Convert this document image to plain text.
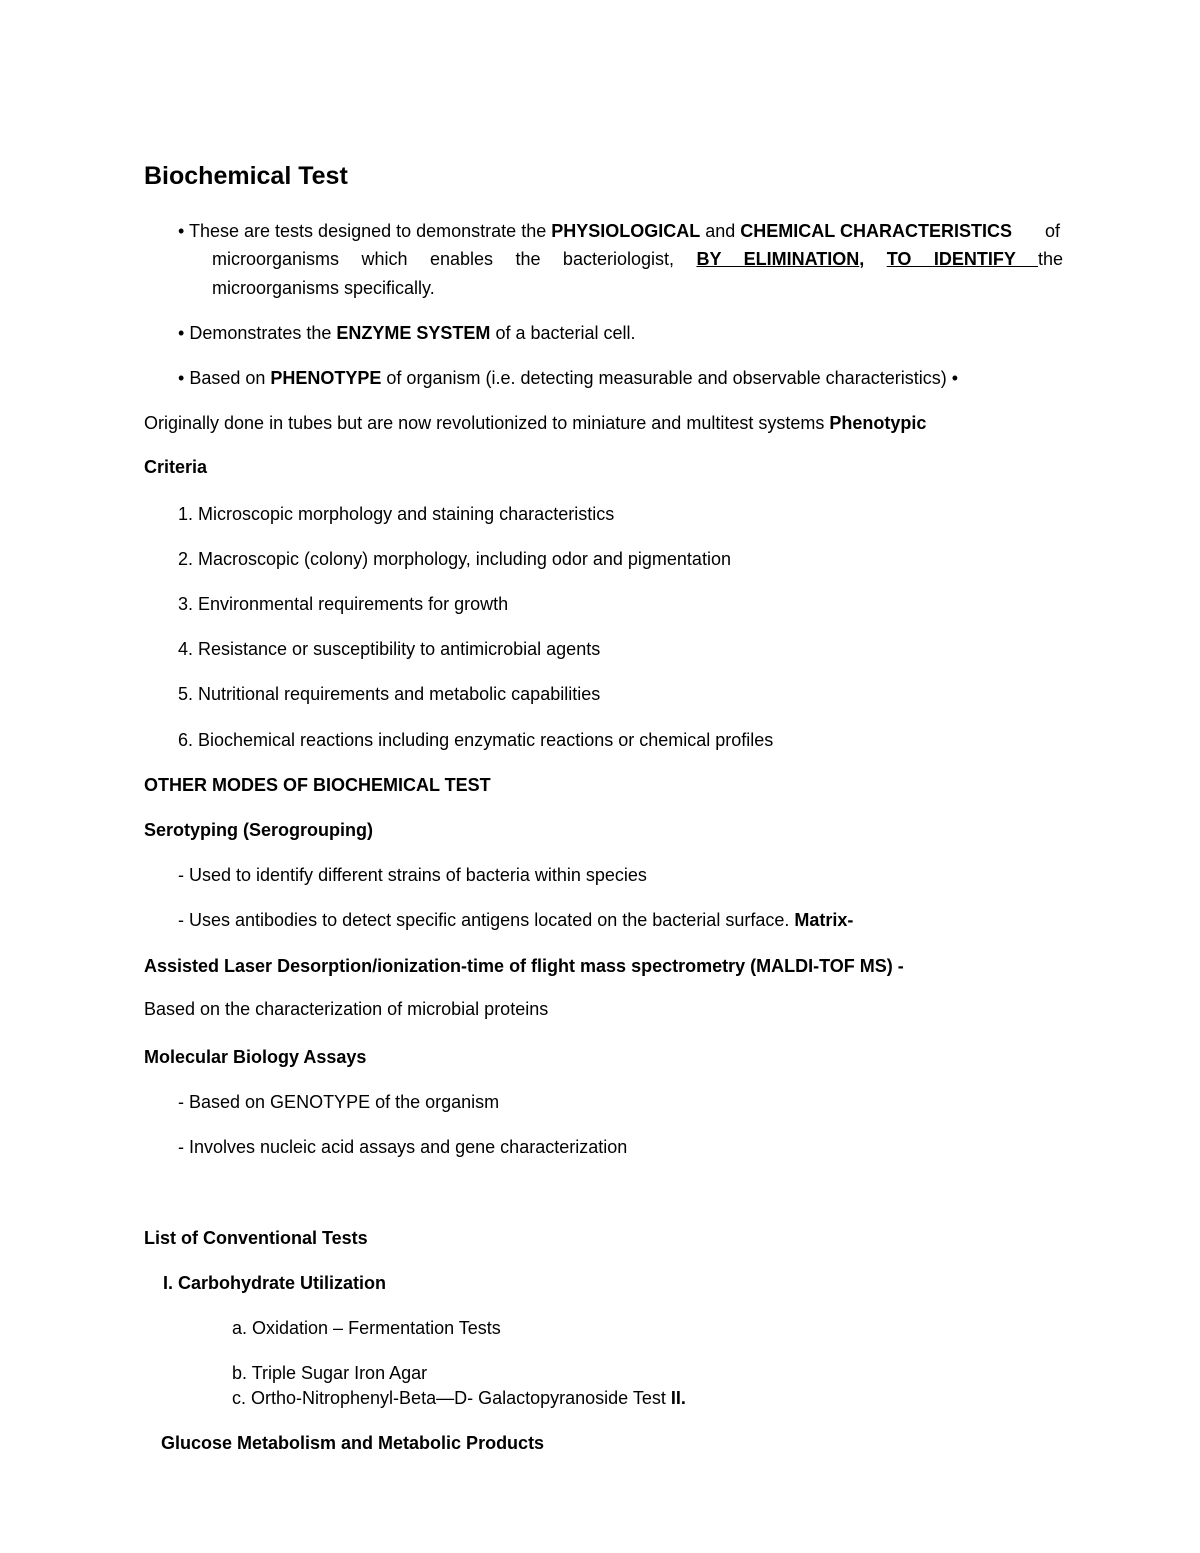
Biochemical Test
• These are tests designed to demonstrate the PHYSIOLOGICAL and CHEMICAL CHARACTERISTICS of
microorganisms which enables the bacteriologist, BY ELIMINATION, TO IDENTIFY the
microorganisms specifically.
• Demonstrates the ENZYME SYSTEM of a bacterial cell.
• Based on PHENOTYPE of organism (i.e. detecting measurable and observable characteristics) •
Originally done in tubes but are now revolutionized to miniature and multitest systems Phenotypic
Criteria
1. Microscopic morphology and staining characteristics
2. Macroscopic (colony) morphology, including odor and pigmentation
3. Environmental requirements for growth
4. Resistance or susceptibility to antimicrobial agents
5. Nutritional requirements and metabolic capabilities
6. Biochemical reactions including enzymatic reactions or chemical profiles
OTHER MODES OF BIOCHEMICAL TEST
Serotyping (Serogrouping)
- Used to identify different strains of bacteria within species
- Uses antibodies to detect specific antigens located on the bacterial surface. Matrix-
Assisted Laser Desorption/ionization-time of flight mass spectrometry (MALDI-TOF MS) -
Based on the characterization of microbial proteins
Molecular Biology Assays
- Based on GENOTYPE of the organism
- Involves nucleic acid assays and gene characterization
List of Conventional Tests
I. Carbohydrate Utilization
a. Oxidation – Fermentation Tests
b. Triple Sugar Iron Agar
c. Ortho-Nitrophenyl-Beta—D- Galactopyranoside Test II.
Glucose Metabolism and Metabolic Products
